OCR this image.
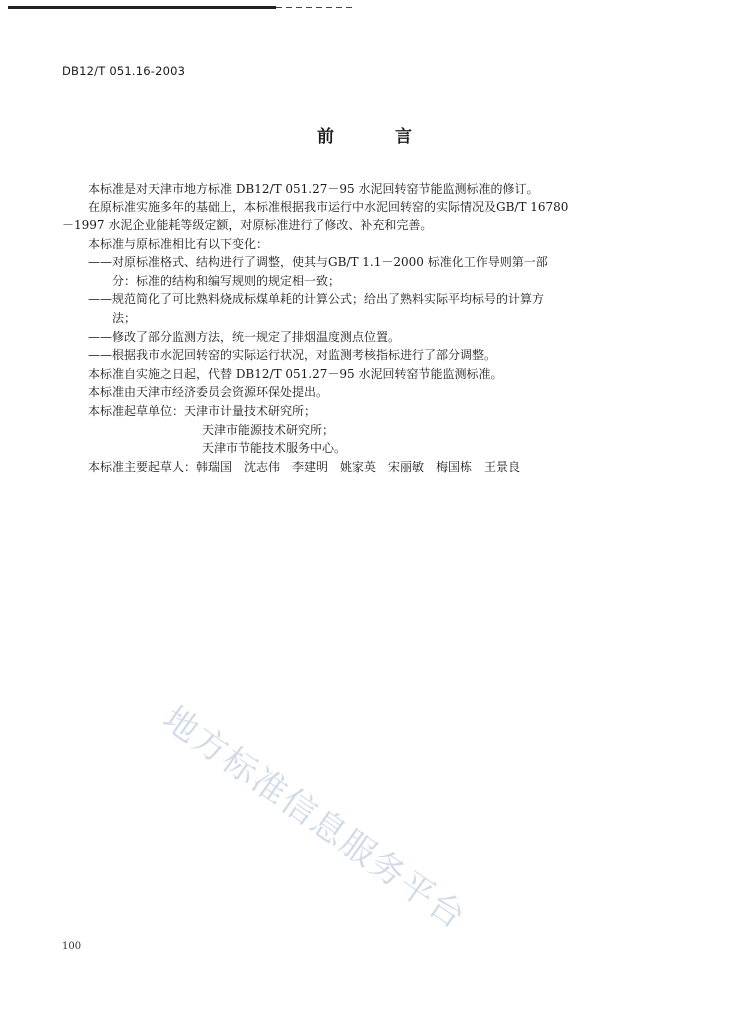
DB12/T 051.16-2003
前　言
本标准是对天津市地方标准 DB12/T 051.27－95 水泥回转窑节能监测标准的修订。
在原标准实施多年的基础上，本标准根据我市运行中水泥回转窑的实际情况及GB/T 16780
－1997 水泥企业能耗等级定额，对原标准进行了修改、补充和完善。
本标准与原标准相比有以下变化：
——对原标准格式、结构进行了调整，使其与GB/T 1.1－2000 标准化工作导则第一部
分：标准的结构和编写规则的规定相一致；
——规范简化了可比熟料烧成标煤单耗的计算公式；给出了熟料实际平均标号的计算方
法；
——修改了部分监测方法，统一规定了排烟温度测点位置。
——根据我市水泥回转窑的实际运行状况，对监测考核指标进行了部分调整。
本标准自实施之日起，代替 DB12/T 051.27－95 水泥回转窑节能监测标准。
本标准由天津市经济委员会资源环保处提出。
本标准起草单位：天津市计量技术研究所；
天津市能源技术研究所；
天津市节能技术服务中心。
本标准主要起草人：韩瑞国　沈志伟　李建明　姚家英　宋丽敏　梅国栋　王景良
地方标准信息服务平台
100
